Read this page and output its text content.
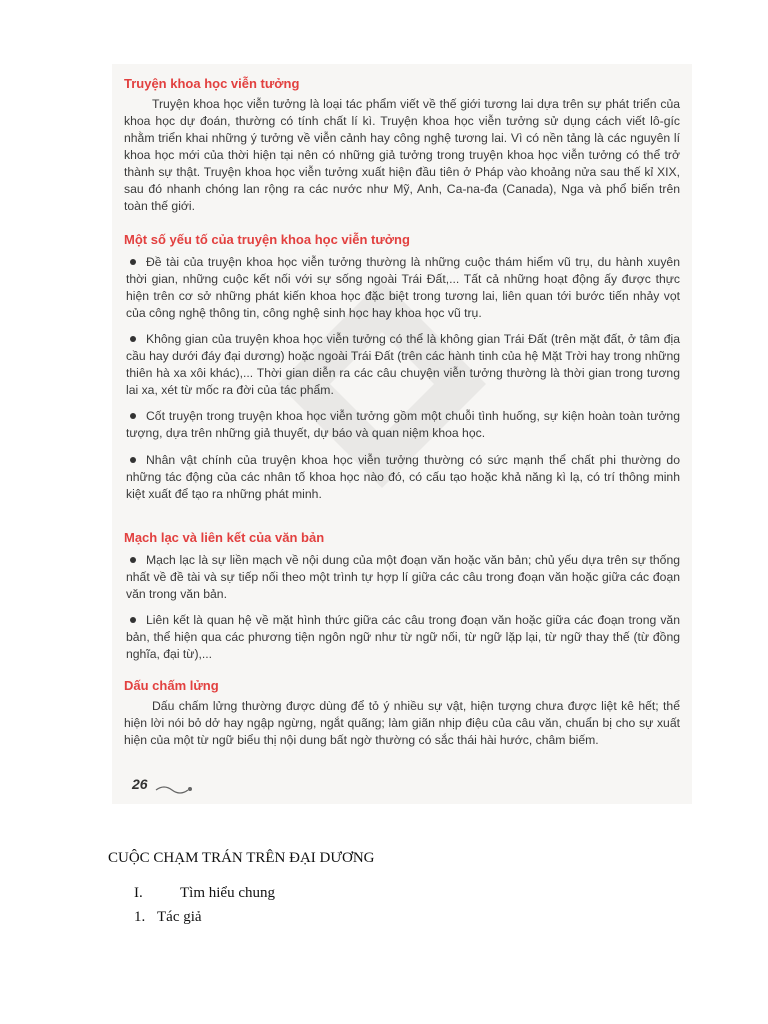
Truyện khoa học viễn tưởng
Truyện khoa học viễn tưởng là loại tác phẩm viết về thế giới tương lai dựa trên sự phát triển của khoa học dự đoán, thường có tính chất lí kì. Truyện khoa học viễn tưởng sử dụng cách viết lô-gíc nhằm triển khai những ý tưởng về viễn cảnh hay công nghệ tương lai. Vì có nền tảng là các nguyên lí khoa học mới của thời hiện tại nên có những giả tưởng trong truyện khoa học viễn tưởng có thể trở thành sự thật. Truyện khoa học viễn tưởng xuất hiện đầu tiên ở Pháp vào khoảng nửa sau thế kỉ XIX, sau đó nhanh chóng lan rộng ra các nước như Mỹ, Anh, Ca-na-đa (Canada), Nga và phổ biến trên toàn thế giới.
Một số yếu tố của truyện khoa học viễn tưởng
Đề tài của truyện khoa học viễn tưởng thường là những cuộc thám hiểm vũ trụ, du hành xuyên thời gian, những cuộc kết nối với sự sống ngoài Trái Đất,... Tất cả những hoạt động ấy được thực hiện trên cơ sở những phát kiến khoa học đặc biệt trong tương lai, liên quan tới bước tiến nhảy vọt của công nghệ thông tin, công nghệ sinh học hay khoa học vũ trụ.
Không gian của truyện khoa học viễn tưởng có thể là không gian Trái Đất (trên mặt đất, ở tâm địa cầu hay dưới đáy đại dương) hoặc ngoài Trái Đất (trên các hành tinh của hệ Mặt Trời hay trong những thiên hà xa xôi khác),... Thời gian diễn ra các câu chuyện viễn tưởng thường là thời gian trong tương lai xa, xét từ mốc ra đời của tác phẩm.
Cốt truyện trong truyện khoa học viễn tưởng gồm một chuỗi tình huống, sự kiện hoàn toàn tưởng tượng, dựa trên những giả thuyết, dự báo và quan niệm khoa học.
Nhân vật chính của truyện khoa học viễn tưởng thường có sức mạnh thể chất phi thường do những tác động của các nhân tố khoa học nào đó, có cấu tạo hoặc khả năng kì lạ, có trí thông minh kiệt xuất để tạo ra những phát minh.
Mạch lạc và liên kết của văn bản
Mạch lạc là sự liền mạch về nội dung của một đoạn văn hoặc văn bản; chủ yếu dựa trên sự thống nhất về đề tài và sự tiếp nối theo một trình tự hợp lí giữa các câu trong đoạn văn hoặc giữa các đoạn văn trong văn bản.
Liên kết là quan hệ về mặt hình thức giữa các câu trong đoạn văn hoặc giữa các đoạn trong văn bản, thể hiện qua các phương tiện ngôn ngữ như từ ngữ nối, từ ngữ lặp lại, từ ngữ thay thế (từ đồng nghĩa, đại từ),...
Dấu chấm lửng
Dấu chấm lửng thường được dùng để tỏ ý nhiều sự vật, hiện tượng chưa được liệt kê hết; thể hiện lời nói bỏ dở hay ngập ngừng, ngắt quãng; làm giãn nhịp điệu của câu văn, chuẩn bị cho sự xuất hiện của một từ ngữ biểu thị nội dung bất ngờ thường có sắc thái hài hước, châm biếm.
26
CUỘC CHẠM TRÁN TRÊN ĐẠI DƯƠNG
I. Tìm hiểu chung
1. Tác giả
